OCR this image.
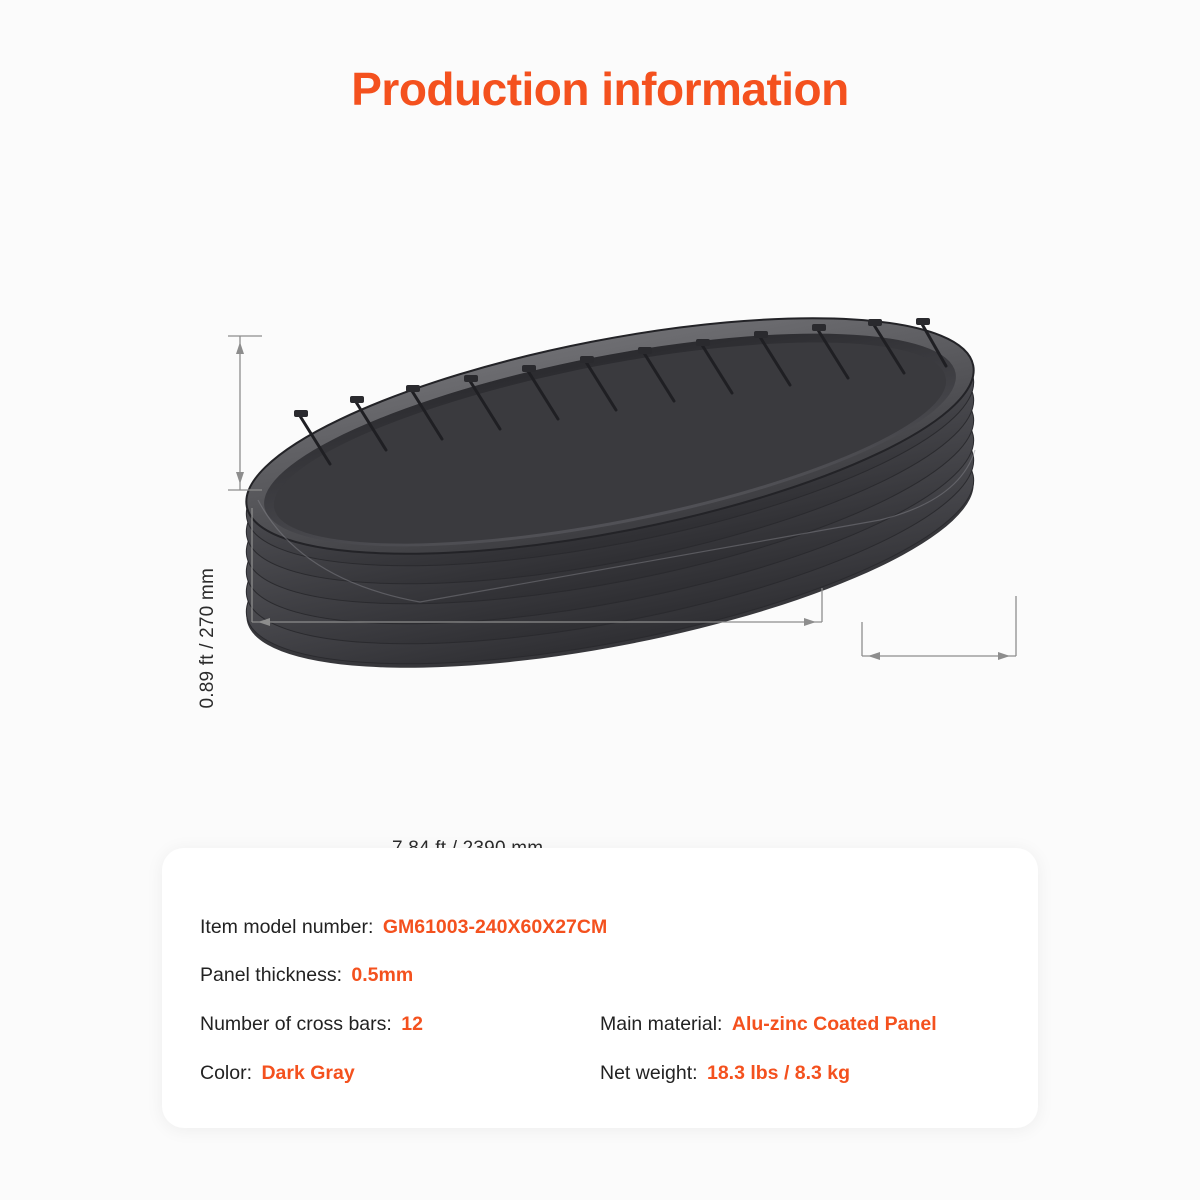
Production information
0.89 ft / 270 mm
Item model number: GM61003-240X60X27CM
Panel thickness: 0.5mm
Number of cross bars: 12	Main material: Alu-zinc Coated Panel
Color: Dark Gray	Net weight: 18.3 lbs / 8.3 kg
